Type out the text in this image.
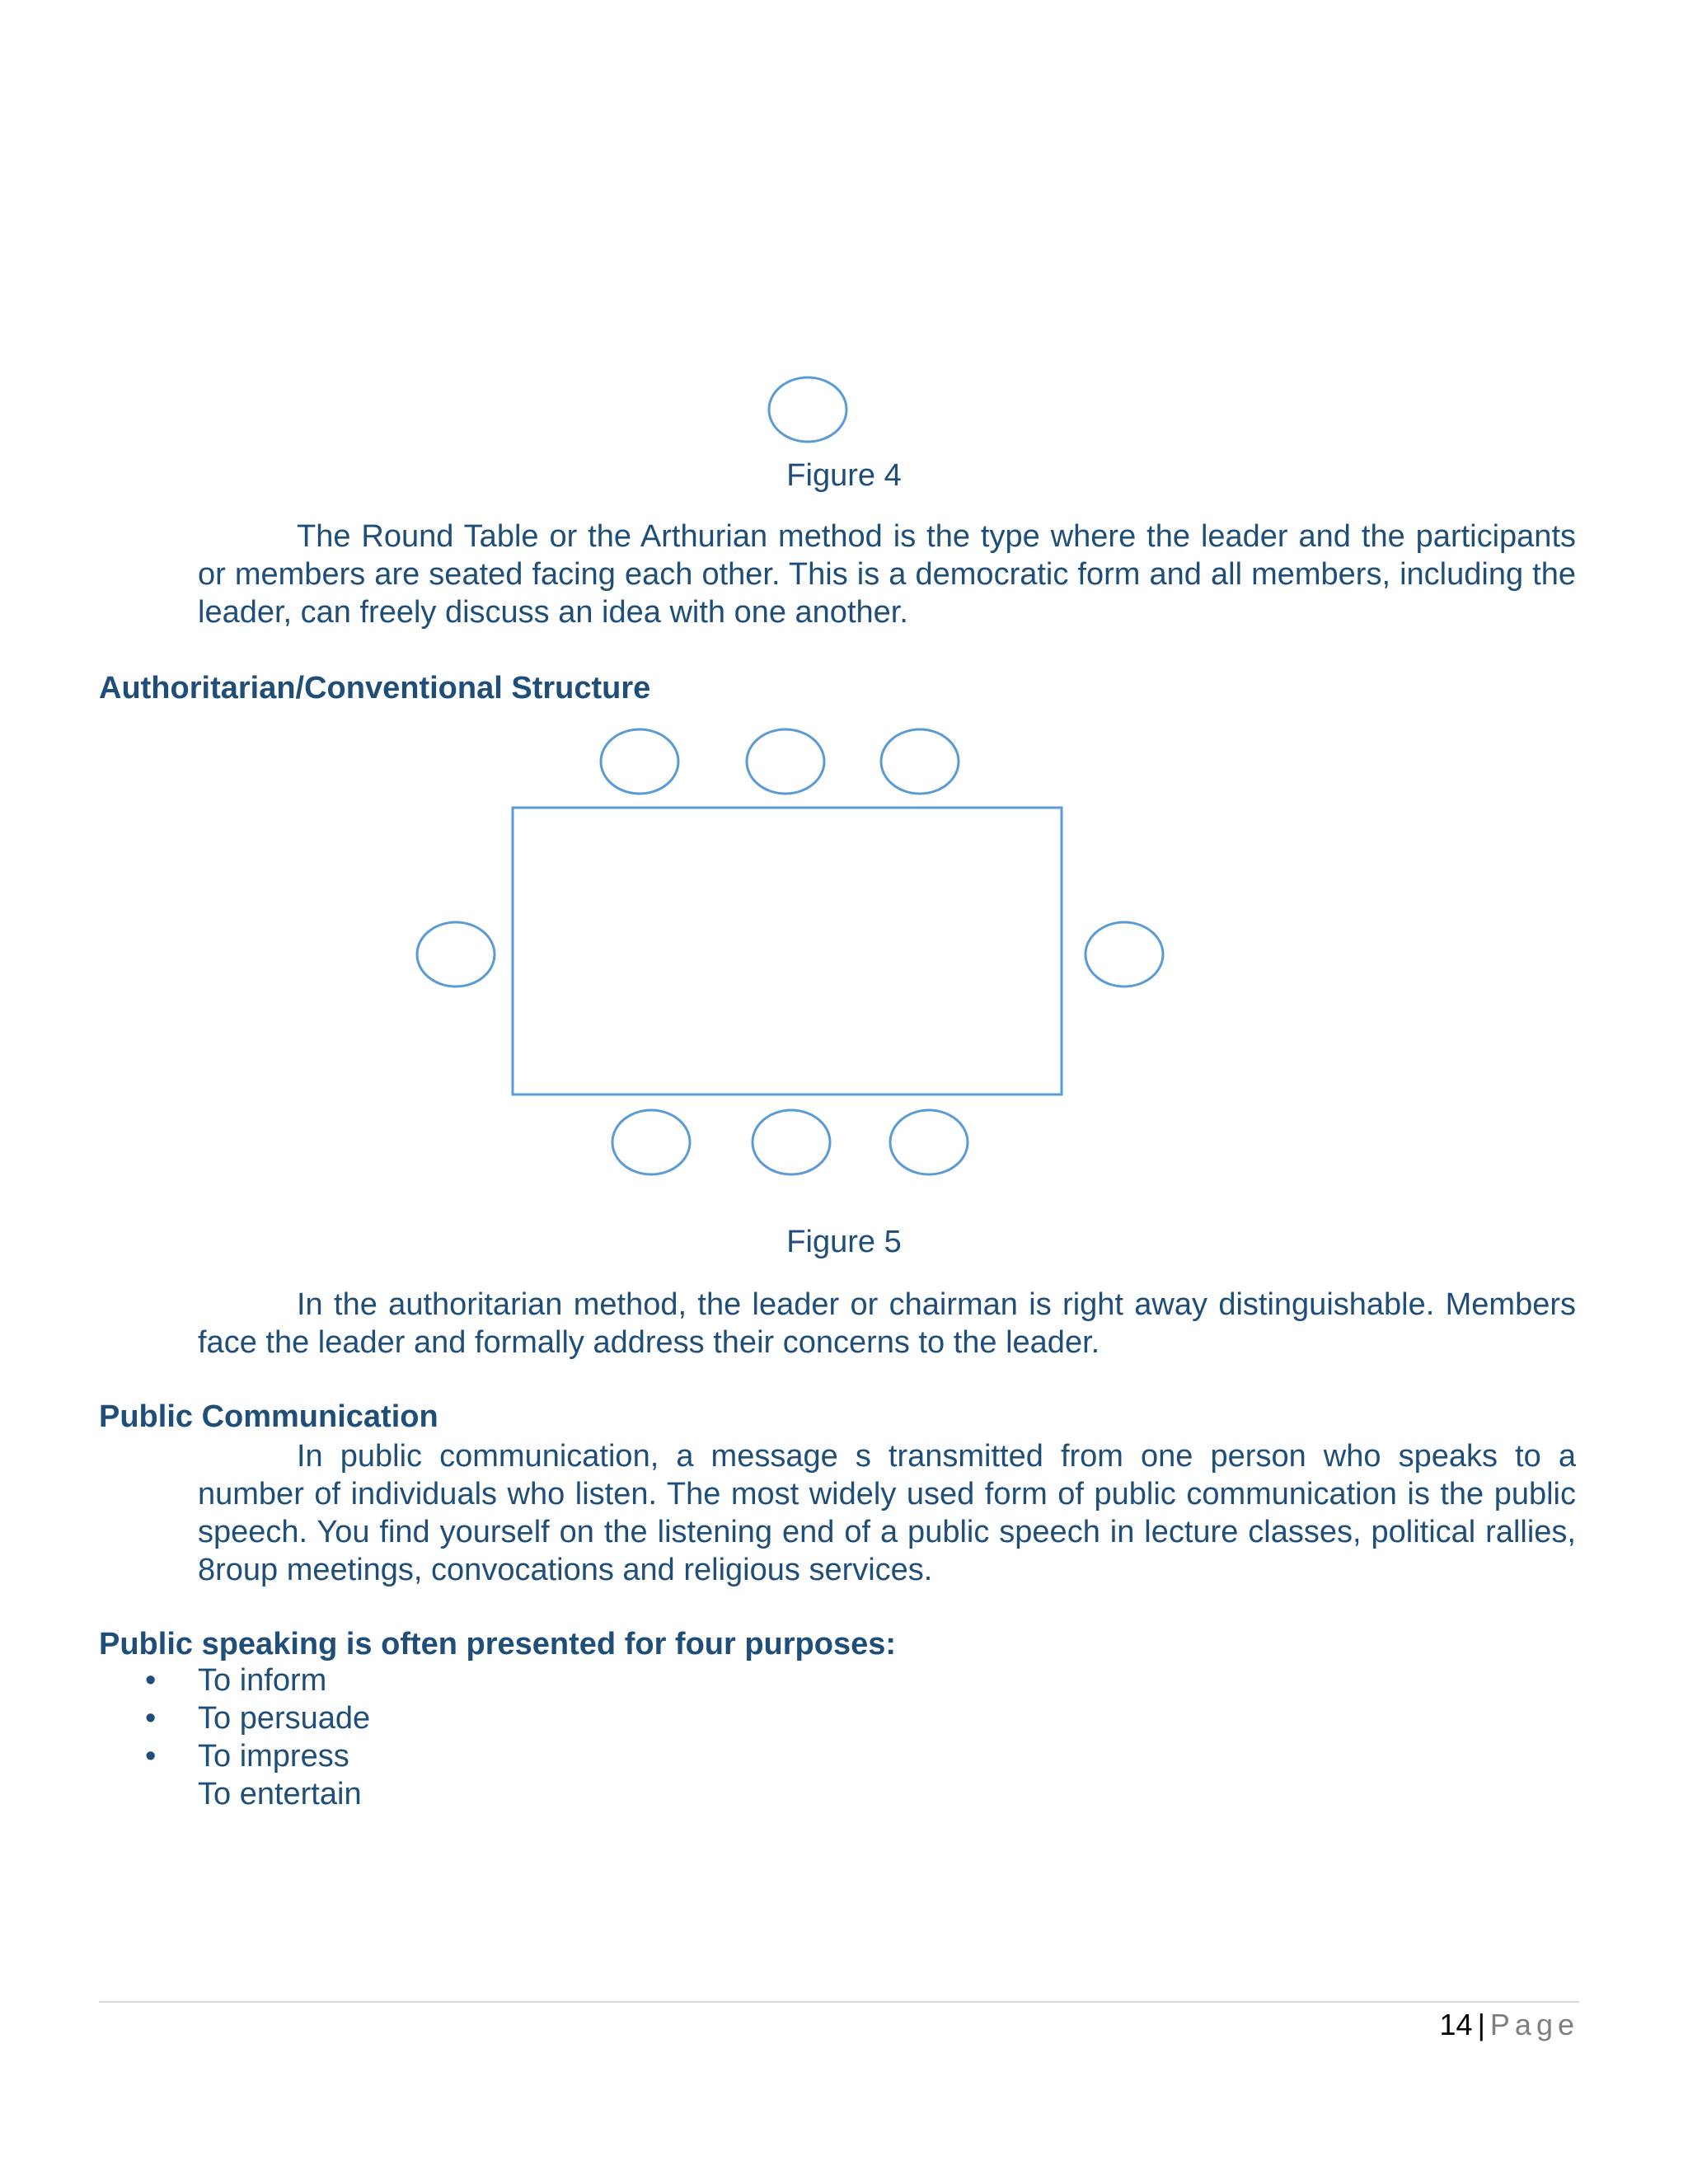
Figure 4
The Round Table or the Arthurian method is the type where the leader and the participants or members are seated facing each other. This is a democratic form and all members, including the leader, can freely discuss an idea with one another.
Authoritarian/Conventional Structure
Figure 5
In the authoritarian method, the leader or chairman is right away distinguishable. Members face the leader and formally address their concerns to the leader.
Public Communication
In public communication, a message s transmitted from one person who speaks to a number of individuals who listen. The most widely used form of public communication is the public speech. You find yourself on the listening end of a public speech in lecture classes, political rallies, 8roup meetings, convocations and religious services.
Public speaking is often presented for four purposes:
•	To inform
•	To persuade
•	To impress
To entertain
14 | Page
